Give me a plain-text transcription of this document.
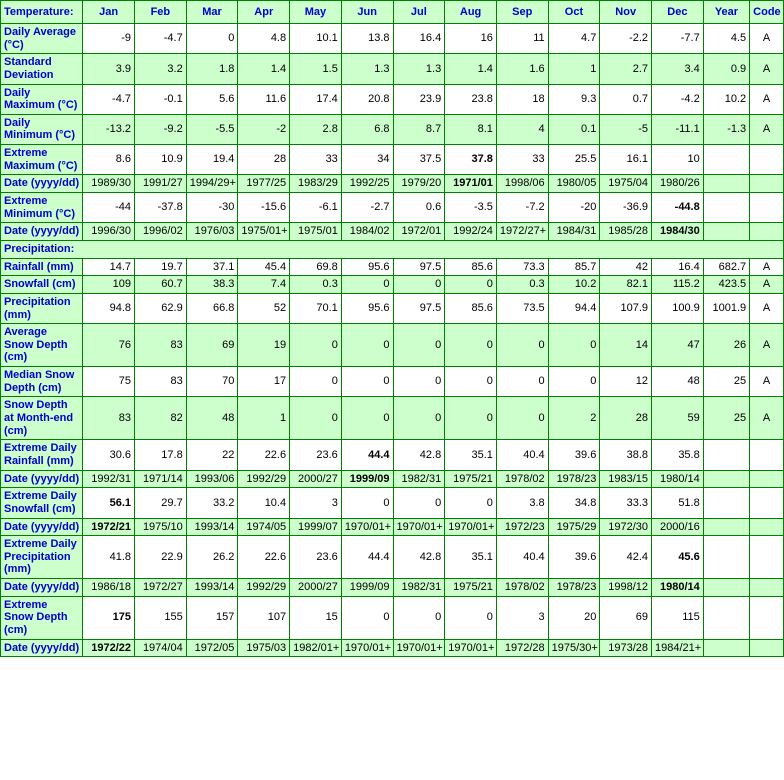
Temperature:	Jan	Feb	Mar	Apr	May	Jun	Jul	Aug	Sep	Oct	Nov	Dec	Year	Code
Daily Average (°C)	-9	-4.7	0	4.8	10.1	13.8	16.4	16	11	4.7	-2.2	-7.7	4.5	A
Standard Deviation	3.9	3.2	1.8	1.4	1.5	1.3	1.3	1.4	1.6	1	2.7	3.4	0.9	A
Daily Maximum (°C)	-4.7	-0.1	5.6	11.6	17.4	20.8	23.9	23.8	18	9.3	0.7	-4.2	10.2	A
Daily Minimum (°C)	-13.2	-9.2	-5.5	-2	2.8	6.8	8.7	8.1	4	0.1	-5	-11.1	-1.3	A
Extreme Maximum (°C)	8.6	10.9	19.4	28	33	34	37.5	37.8	33	25.5	16.1	10		
Date (yyyy/dd)	1989/30	1991/27	1994/29+	1977/25	1983/29	1992/25	1979/20	1971/01	1998/06	1980/05	1975/04	1980/26		
Extreme Minimum (°C)	-44	-37.8	-30	-15.6	-6.1	-2.7	0.6	-3.5	-7.2	-20	-36.9	-44.8		
Date (yyyy/dd)	1996/30	1996/02	1976/03	1975/01+	1975/01	1984/02	1972/01	1992/24	1972/27+	1984/31	1985/28	1984/30		
Precipitation:														
Rainfall (mm)	14.7	19.7	37.1	45.4	69.8	95.6	97.5	85.6	73.3	85.7	42	16.4	682.7	A
Snowfall (cm)	109	60.7	38.3	7.4	0.3	0	0	0	0.3	10.2	82.1	115.2	423.5	A
Precipitation (mm)	94.8	62.9	66.8	52	70.1	95.6	97.5	85.6	73.5	94.4	107.9	100.9	1001.9	A
Average Snow Depth (cm)	76	83	69	19	0	0	0	0	0	0	14	47	26	A
Median Snow Depth (cm)	75	83	70	17	0	0	0	0	0	0	12	48	25	A
Snow Depth at Month-end (cm)	83	82	48	1	0	0	0	0	0	2	28	59	25	A
Extreme Daily Rainfall (mm)	30.6	17.8	22	22.6	23.6	44.4	42.8	35.1	40.4	39.6	38.8	35.8		
Date (yyyy/dd)	1992/31	1971/14	1993/06	1992/29	2000/27	1999/09	1982/31	1975/21	1978/02	1978/23	1983/15	1980/14		
Extreme Daily Snowfall (cm)	56.1	29.7	33.2	10.4	3	0	0	0	3.8	34.8	33.3	51.8		
Date (yyyy/dd)	1972/21	1975/10	1993/14	1974/05	1999/07	1970/01+	1970/01+	1970/01+	1972/23	1975/29	1972/30	2000/16		
Extreme Daily Precipitation (mm)	41.8	22.9	26.2	22.6	23.6	44.4	42.8	35.1	40.4	39.6	42.4	45.6		
Date (yyyy/dd)	1986/18	1972/27	1993/14	1992/29	2000/27	1999/09	1982/31	1975/21	1978/02	1978/23	1998/12	1980/14		
Extreme Snow Depth (cm)	175	155	157	107	15	0	0	0	3	20	69	115		
Date (yyyy/dd)	1972/22	1974/04	1972/05	1975/03	1982/01+	1970/01+	1970/01+	1970/01+	1972/28	1975/30+	1973/28	1984/21+		
